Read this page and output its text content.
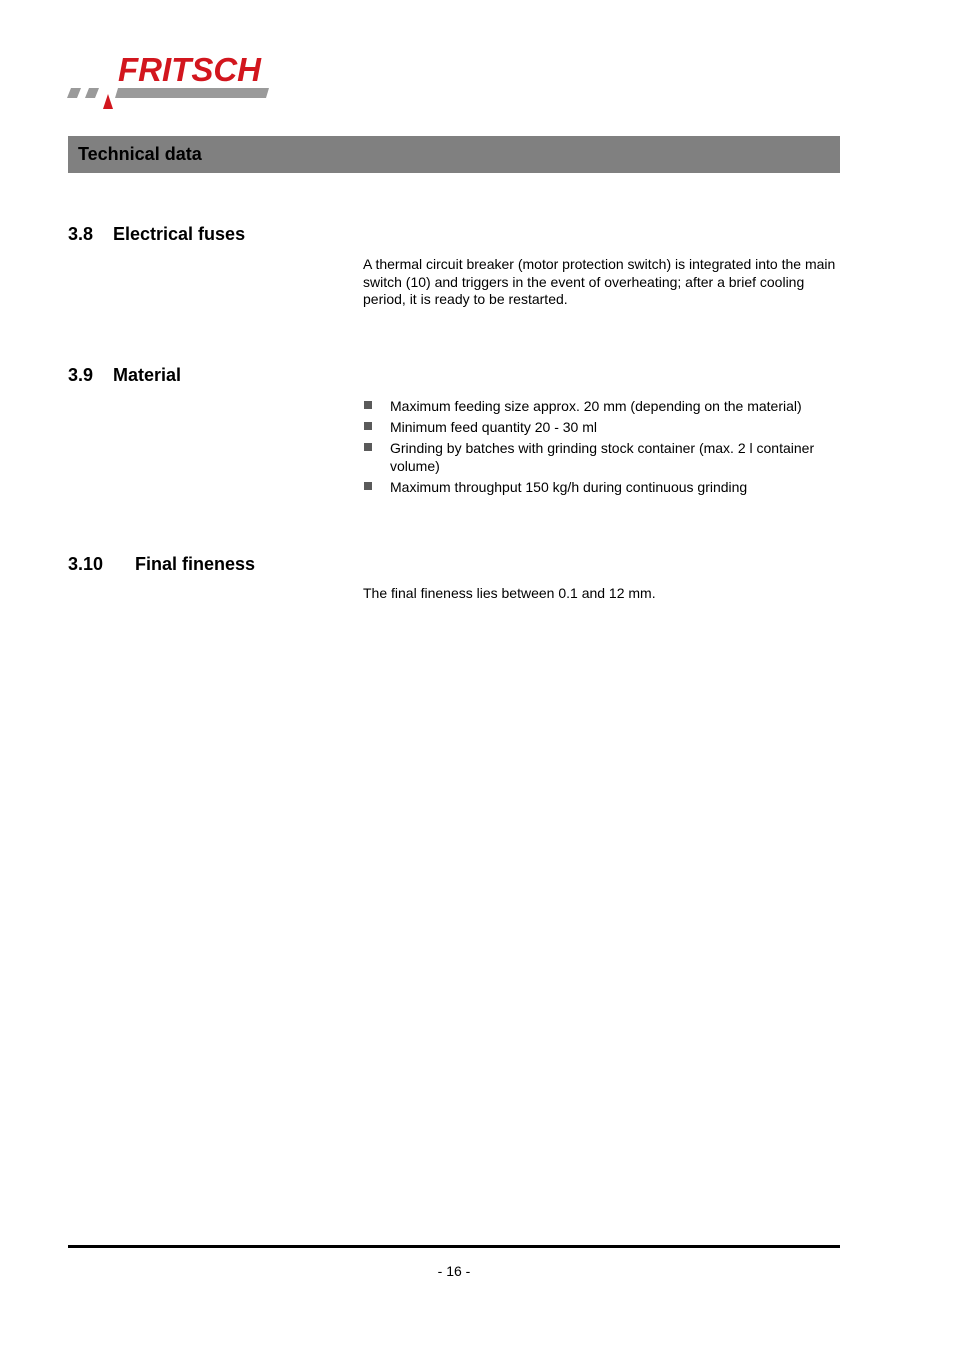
FRITSCH
Technical data
3.8 Electrical fuses
A thermal circuit breaker (motor protection switch) is integrated into the main switch (10) and triggers in the event of overheating; after a brief cooling period, it is ready to be restarted.
3.9 Material
Maximum feeding size approx. 20 mm (depending on the material)
Minimum feed quantity 20 - 30 ml
Grinding by batches with grinding stock container (max. 2 l container volume)
Maximum throughput 150 kg/h during continuous grinding
3.10 Final fineness
The final fineness lies between 0.1 and 12 mm.
- 16 -
